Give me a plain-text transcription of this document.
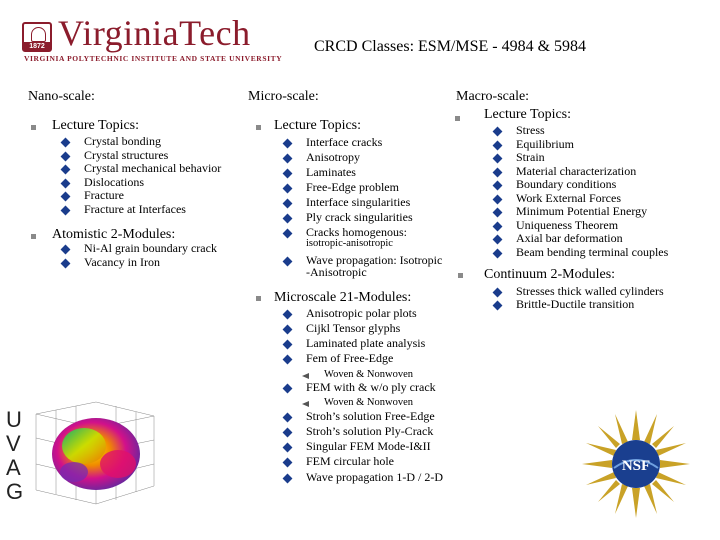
1872 VirginiaTech
VIRGINIA POLYTECHNIC INSTITUTE AND STATE UNIVERSITY
CRCD Classes: ESM/MSE - 4984 & 5984
Nano-scale:	Micro-scale:	Macro-scale:
Lecture Topics:
Crystal bonding
Crystal structures
Crystal mechanical behavior
Dislocations
Fracture
Fracture at Interfaces
Atomistic 2-Modules:
Ni-Al grain boundary crack
Vacancy in Iron
Lecture Topics:
Interface cracks
Anisotropy
Laminates
Free-Edge problem
Interface singularities
Ply crack singularities
Cracks homogenous:
isotropic-anisotropic
Wave propagation: Isotropic
-Anisotropic
Microscale 21-Modules:
Anisotropic polar plots
Cijkl Tensor glyphs
Laminated plate analysis
Fem of Free-Edge
Woven & Nonwoven
FEM with & w/o ply crack
Woven & Nonwoven
Stroh’s solution Free-Edge
Stroh’s solution Ply-Crack
Singular FEM Mode-I&II
FEM circular hole
Wave propagation 1-D / 2-D
Lecture Topics:
Stress
Equilibrium
Strain
Material characterization
Boundary conditions
Work External Forces
Minimum Potential Energy
Uniqueness Theorem
Axial bar deformation
Beam bending terminal couples
Continuum 2-Modules:
Stresses thick walled cylinders
Brittle-Ductile transition
U
V
A
G
NSF
